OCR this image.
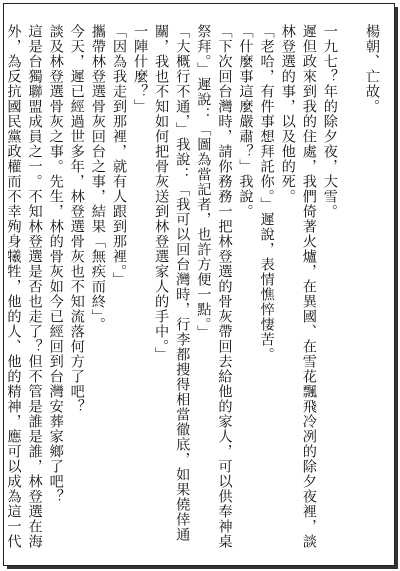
楊朝、亡故。

一九七？年的除夕夜，大雪。

遲但政來到我的住處，我們倚著火爐，在異國、在雪花飄飛冷冽的除夕夜裡，談林登選的事，以及他的死。

「老哈，有件事想拜託你。」遲說，表情憔悴悽苦。

「什麼事這麼嚴肅？」我說。

「下次回台灣時，請你務務一把林登選的骨灰帶回去給他的家人，可以供奉神桌祭拜。」遲說：「圖為當記者，也許方便一點。」

「大概行不通，」我說：「我可以回台灣時，行李都搜得相當徹底，如果僥倖通關，我也不知如何把骨灰送到林登選家人的手中。」

一陣什麼？」

「因為我走到那裡，就有人跟到那裡。」

攜帶林登選骨灰回台之事，結果「無疾而終」。

今天，遲已經過世多年，林登選骨灰也不知流落何方了吧？

談及林登選骨灰之事。先生，林的骨灰如今已經回到台灣安葬家鄉了吧？

這是台獨聯盟成員之一。不知林登選是否也走了？但不管是誰是誰，林登選在海外，為反抗國民黨政權而不幸殉身犧牲，他的人、他的精神，應可以成為這一代
